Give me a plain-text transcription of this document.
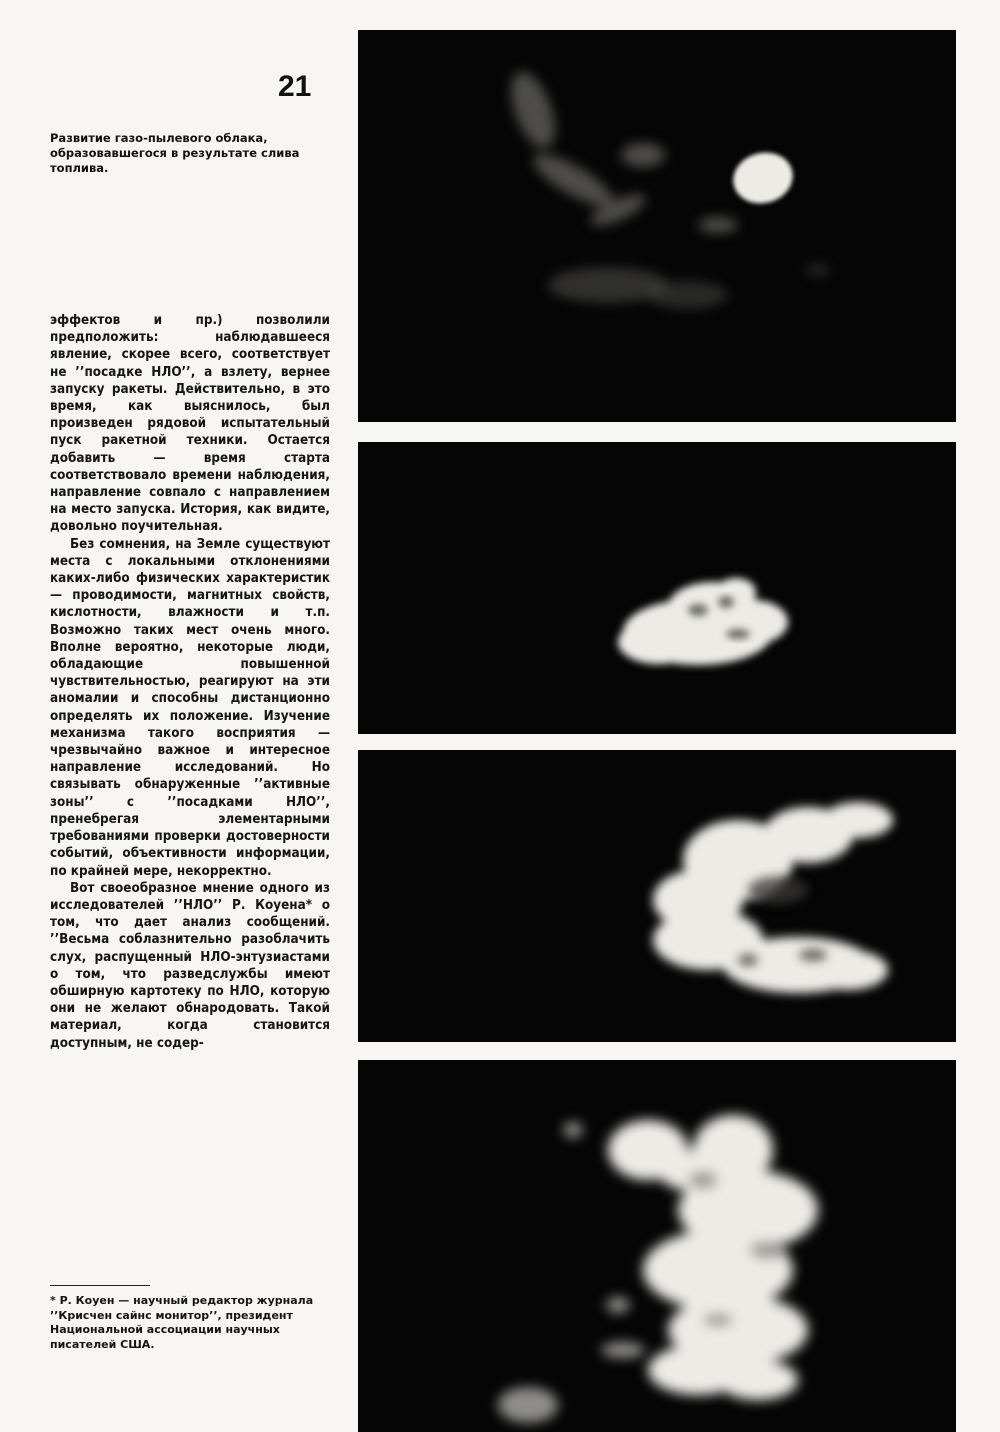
21
Развитие газо-пылевого облака, образовавшегося в результате слива топлива.

эффектов и пр.) позволили предположить: наблюдавшееся явление, скорее всего, соответствует не ’’посадке НЛО’’, а взлету, вернее запуску ракеты. Действительно, в это время, как выяснилось, был произведен рядовой испытательный пуск ракетной техники. Остается добавить — время старта соответствовало времени наблюдения, направление совпало с направлением на место запуска. История, как видите, довольно поучительная.

Без сомнения, на Земле существуют места с локальными отклонениями каких-либо физических характеристик — проводимости, магнитных свойств, кислотности, влажности и т.п. Возможно таких мест очень много. Вполне вероятно, некоторые люди, обладающие повышенной чувствительностью, реагируют на эти аномалии и способны дистанционно определять их положение. Изучение механизма такого восприятия — чрезвычайно важное и интересное направление исследований. Но связывать обнаруженные ’’активные зоны’’ с ’’посадками НЛО’’, пренебрегая элементарными требованиями проверки достоверности событий, объективности информации, по крайней мере, некорректно.

Вот своеобразное мнение одного из исследователей ’’НЛО’’ Р. Коуена* о том, что дает анализ сообщений. ’’Весьма соблазнительно разоблачить слух, распущенный НЛО-энтузиастами о том, что разведслужбы имеют обширную картотеку по НЛО, которую они не желают обнародовать. Такой материал, когда становится доступным, не содер-

* Р. Коуен — научный редактор журнала ’’Крисчен сайнс монитор’’, президент Национальной ассоциации научных писателей США.
